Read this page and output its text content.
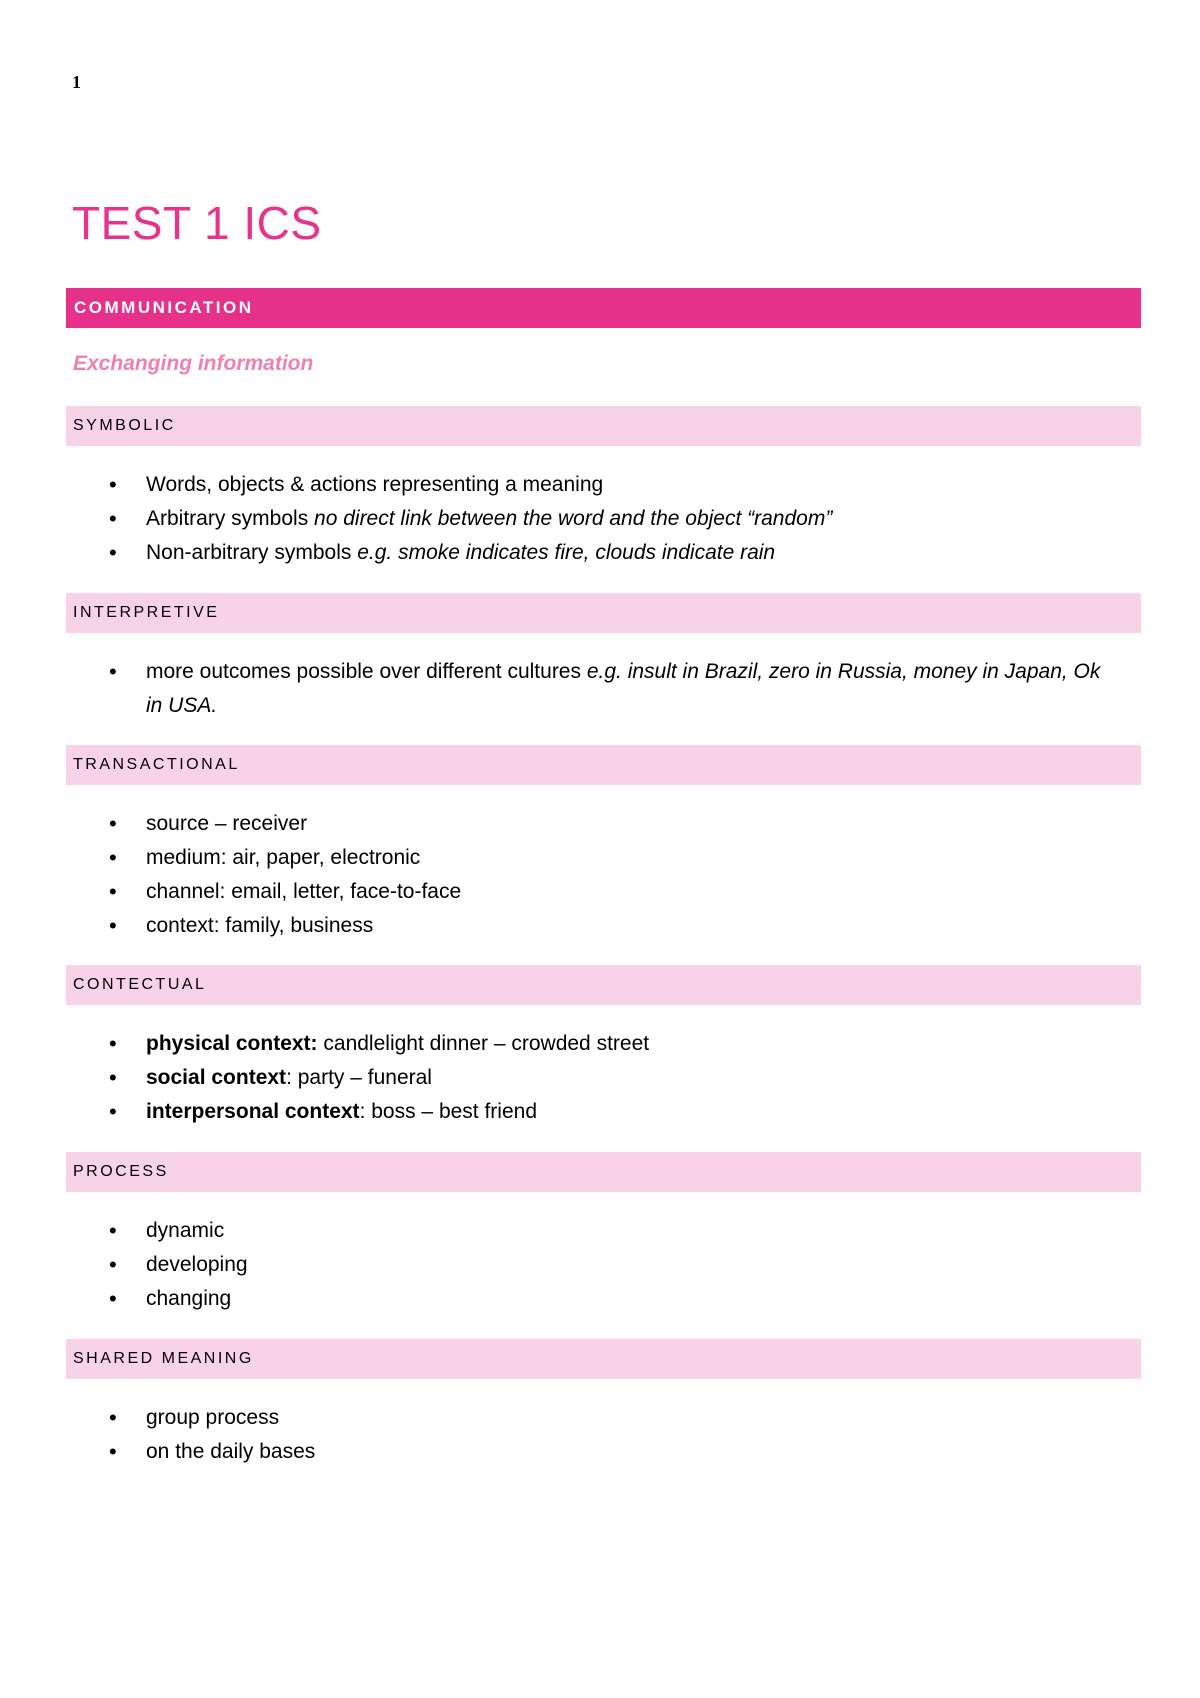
1
TEST 1 ICS
COMMUNICATION
Exchanging information
SYMBOLIC
• Words, objects & actions representing a meaning
• Arbitrary symbols no direct link between the word and the object “random”
• Non-arbitrary symbols e.g. smoke indicates fire, clouds indicate rain
INTERPRETIVE
• more outcomes possible over different cultures e.g. insult in Brazil, zero in Russia, money in Japan, Ok in USA.
TRANSACTIONAL
• source – receiver
• medium: air, paper, electronic
• channel: email, letter, face-to-face
• context: family, business
CONTECTUAL
• physical context: candlelight dinner – crowded street
• social context: party – funeral
• interpersonal context: boss – best friend
PROCESS
• dynamic
• developing
• changing
SHARED MEANING
• group process
• on the daily bases
